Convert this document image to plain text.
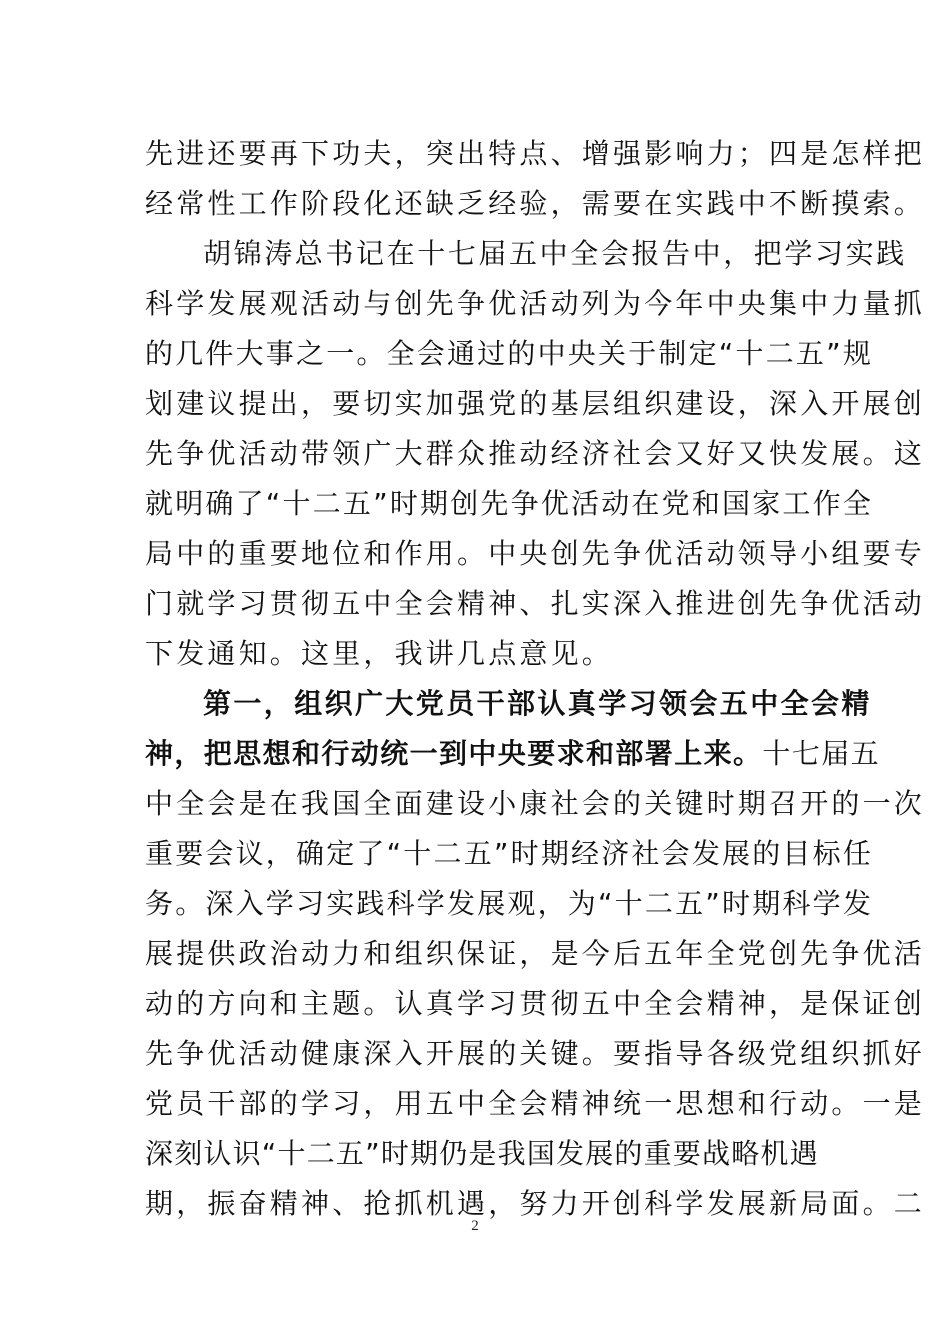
先进还要再下功夫，突出特点、增强影响力；四是怎样把
经常性工作阶段化还缺乏经验，需要在实践中不断摸索。
胡锦涛总书记在十七届五中全会报告中，把学习实践
科学发展观活动与创先争优活动列为今年中央集中力量抓
的几件大事之一。全会通过的中央关于制定“十二五”规
划建议提出，要切实加强党的基层组织建设，深入开展创
先争优活动带领广大群众推动经济社会又好又快发展。这
就明确了“十二五”时期创先争优活动在党和国家工作全
局中的重要地位和作用。中央创先争优活动领导小组要专
门就学习贯彻五中全会精神、扎实深入推进创先争优活动
下发通知。这里，我讲几点意见。
第一，组织广大党员干部认真学习领会五中全会精
神，把思想和行动统一到中央要求和部署上来。十七届五
中全会是在我国全面建设小康社会的关键时期召开的一次
重要会议，确定了“十二五”时期经济社会发展的目标任
务。深入学习实践科学发展观，为“十二五”时期科学发
展提供政治动力和组织保证，是今后五年全党创先争优活
动的方向和主题。认真学习贯彻五中全会精神，是保证创
先争优活动健康深入开展的关键。要指导各级党组织抓好
党员干部的学习，用五中全会精神统一思想和行动。一是
深刻认识“十二五”时期仍是我国发展的重要战略机遇
期，振奋精神、抢抓机遇，努力开创科学发展新局面。二
2
